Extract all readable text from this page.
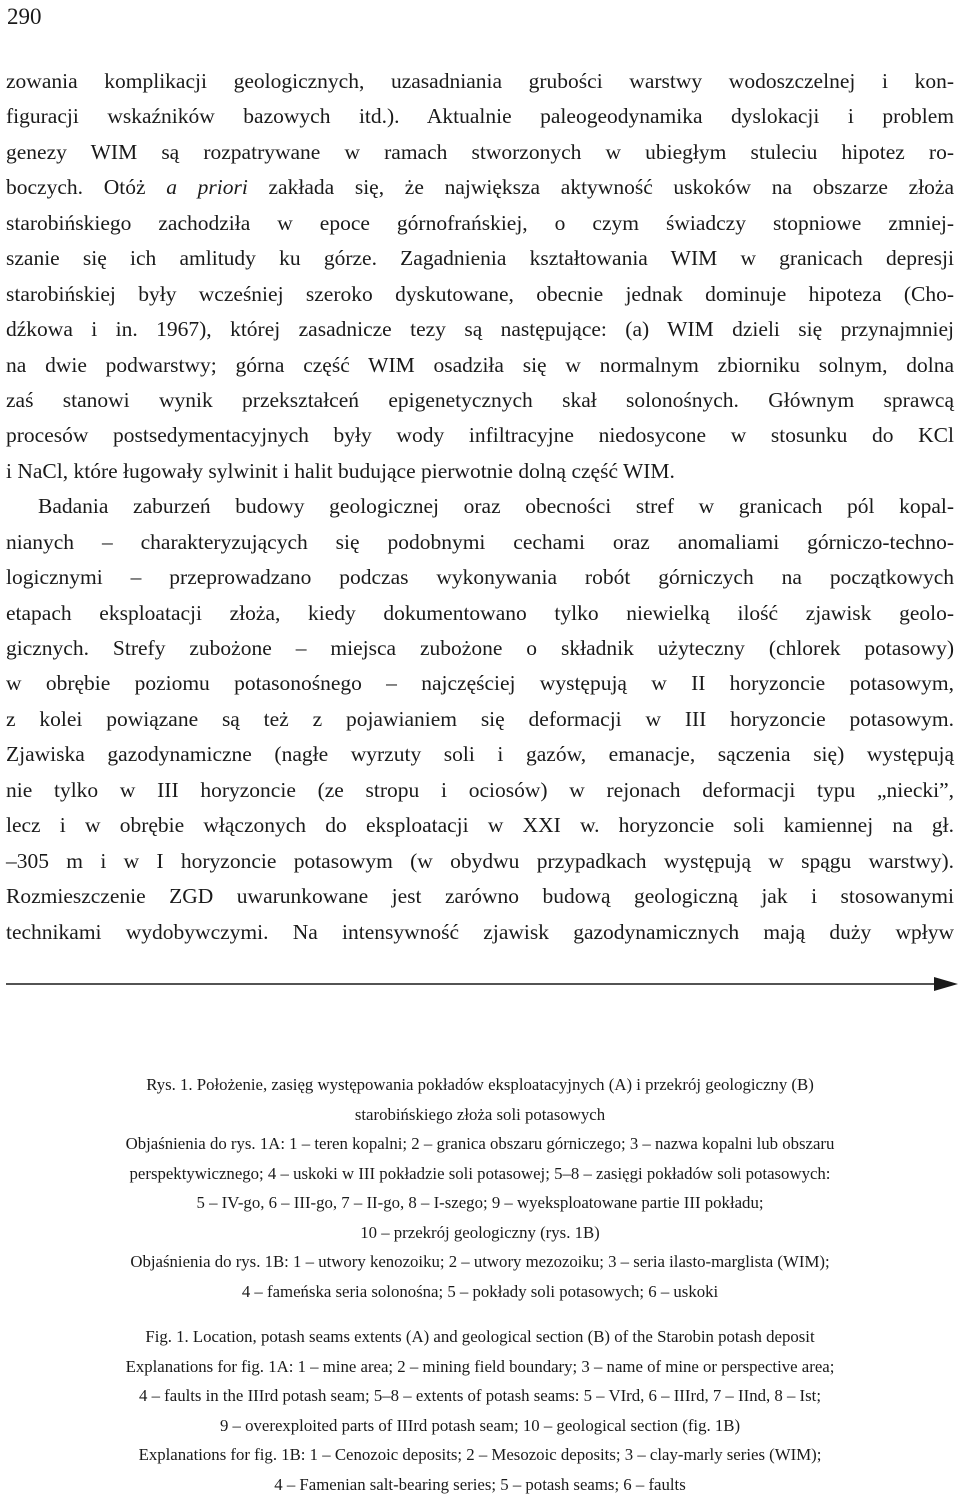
290
zowania komplikacji geologicznych, uzasadniania grubości warstwy wodoszczelnej i kon-
figuracji wskaźników bazowych itd.). Aktualnie paleogeodynamika dyslokacji i problem
genezy WIM są rozpatrywane w ramach stworzonych w ubiegłym stuleciu hipotez ro-
boczych. Otóż a priori zakłada się, że największa aktywność uskoków na obszarze złoża
starobińskiego zachodziła w epoce górnofrańskiej, o czym świadczy stopniowe zmniej-
szanie się ich amlitudy ku górze. Zagadnienia kształtowania WIM w granicach depresji
starobińskiej były wcześniej szeroko dyskutowane, obecnie jednak dominuje hipoteza (Cho-
dźkowa i in. 1967), której zasadnicze tezy są następujące: (a) WIM dzieli się przynajmniej
na dwie podwarstwy; górna część WIM osadziła się w normalnym zbiorniku solnym, dolna
zaś stanowi wynik przekształceń epigenetycznych skał solonośnych. Głównym sprawcą
procesów postsedymentacyjnych były wody infiltracyjne niedosycone w stosunku do KCl
i NaCl, które ługowały sylwinit i halit budujące pierwotnie dolną część WIM.
Badania zaburzeń budowy geologicznej oraz obecności stref w granicach pól kopal-
nianych – charakteryzujących się podobnymi cechami oraz anomaliami górniczo-techno-
logicznymi – przeprowadzano podczas wykonywania robót górniczych na początkowych
etapach eksploatacji złoża, kiedy dokumentowano tylko niewielką ilość zjawisk geolo-
gicznych. Strefy zubożone – miejsca zubożone o składnik użyteczny (chlorek potasowy)
w obrębie poziomu potasonośnego – najczęściej występują w II horyzoncie potasowym,
z kolei powiązane są też z pojawianiem się deformacji w III horyzoncie potasowym.
Zjawiska gazodynamiczne (nagłe wyrzuty soli i gazów, emanacje, sączenia się) występują
nie tylko w III horyzoncie (ze stropu i ociosów) w rejonach deformacji typu „niecki”,
lecz i w obrębie włączonych do eksploatacji w XXI w. horyzoncie soli kamiennej na gł.
–305 m i w I horyzoncie potasowym (w obydwu przypadkach występują w spągu warstwy).
Rozmieszczenie ZGD uwarunkowane jest zarówno budową geologiczną jak i stosowanymi
technikami wydobywczymi. Na intensywność zjawisk gazodynamicznych mają duży wpływ
Rys. 1. Położenie, zasięg występowania pokładów eksploatacyjnych (A) i przekrój geologiczny (B)
starobińskiego złoża soli potasowych
Objaśnienia do rys. 1A: 1 – teren kopalni; 2 – granica obszaru górniczego; 3 – nazwa kopalni lub obszaru
perspektywicznego; 4 – uskoki w III pokładzie soli potasowej; 5–8 – zasięgi pokładów soli potasowych:
5 – IV-go, 6 – III-go, 7 – II-go, 8 – I-szego; 9 – wyeksploatowane partie III pokładu;
10 – przekrój geologiczny (rys. 1B)
Objaśnienia do rys. 1B: 1 – utwory kenozoiku; 2 – utwory mezozoiku; 3 – seria ilasto-marglista (WIM);
4 – fameńska seria solonośna; 5 – pokłady soli potasowych; 6 – uskoki
Fig. 1. Location, potash seams extents (A) and geological section (B) of the Starobin potash deposit
Explanations for fig. 1A: 1 – mine area; 2 – mining field boundary; 3 – name of mine or perspective area;
4 – faults in the IIIrd potash seam; 5–8 – extents of potash seams: 5 – VIrd, 6 – IIIrd, 7 – IInd, 8 – Ist;
9 – overexploited parts of IIIrd potash seam; 10 – geological section (fig. 1B)
Explanations for fig. 1B: 1 – Cenozoic deposits; 2 – Mesozoic deposits; 3 – clay-marly series (WIM);
4 – Famenian salt-bearing series; 5 – potash seams; 6 – faults
